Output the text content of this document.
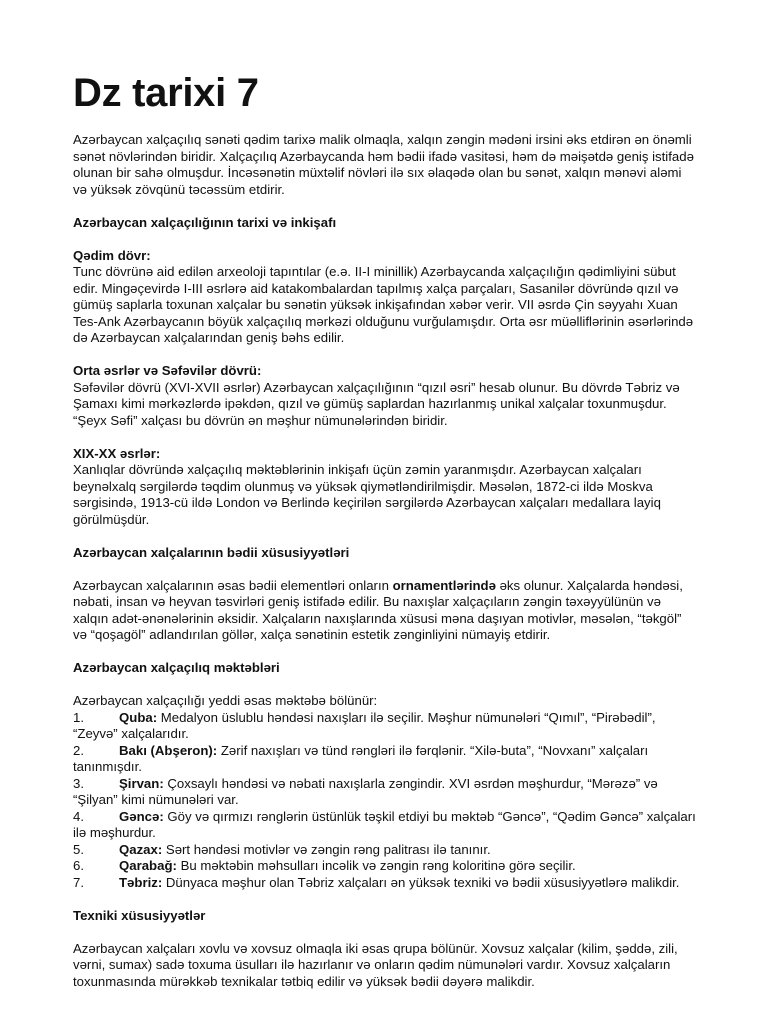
Dz tarixi 7

Azərbaycan xalçaçılıq sənəti qədim tarixə malik olmaqla, xalqın zəngin mədəni irsini əks etdirən ən önəmli sənət növlərindən biridir. Xalçaçılıq Azərbaycanda həm bədii ifadə vasitəsi, həm də məişətdə geniş istifadə olunan bir sahə olmuşdur. İncəsənətin müxtəlif növləri ilə sıx əlaqədə olan bu sənət, xalqın mənəvi aləmi və yüksək zövqünü təcəssüm etdirir.

Azərbaycan xalçaçılığının tarixi və inkişafı

Qədim dövr:

Tunc dövrünə aid edilən arxeoloji tapıntılar (e.ə. II-I minillik) Azərbaycanda xalçaçılığın qədimliyini sübut edir. Mingəçevirdə I-III əsrlərə aid katakombalardan tapılmış xalça parçaları, Sasanilər dövründə qızıl və gümüş saplarla toxunan xalçalar bu sənətin yüksək inkişafından xəbər verir. VII əsrdə Çin səyyahı Xuan Tes-Ank Azərbaycanın böyük xalçaçılıq mərkəzi olduğunu vurğulamışdır. Orta əsr müəlliflərinin əsərlərində də Azərbaycan xalçalarından geniş bəhs edilir.

Orta əsrlər və Səfəvilər dövrü:

Səfəvilər dövrü (XVI-XVII əsrlər) Azərbaycan xalçaçılığının “qızıl əsri” hesab olunur. Bu dövrdə Təbriz və Şamaxı kimi mərkəzlərdə ipəkdən, qızıl və gümüş saplardan hazırlanmış unikal xalçalar toxunmuşdur. “Şeyx Səfi” xalçası bu dövrün ən məşhur nümunələrindən biridir.

XIX-XX əsrlər:

Xanlıqlar dövründə xalçaçılıq məktəblərinin inkişafı üçün zəmin yaranmışdır. Azərbaycan xalçaları beynəlxalq sərgilərdə təqdim olunmuş və yüksək qiymətləndirilmişdir. Məsələn, 1872-ci ildə Moskva sərgisində, 1913-cü ildə London və Berlində keçirilən sərgilərdə Azərbaycan xalçaları medallara layiq görülmüşdür.

Azərbaycan xalçalarının bədii xüsusiyyətləri

Azərbaycan xalçalarının əsas bədii elementləri onların ornamentlərində əks olunur. Xalçalarda həndəsi, nəbati, insan və heyvan təsvirləri geniş istifadə edilir. Bu naxışlar xalçaçıların zəngin təxəyyülünün və xalqın adət-ənənələrinin əksidir. Xalçaların naxışlarında xüsusi məna daşıyan motivlər, məsələn, “təkgöl” və “qoşagöl” adlandırılan göllər, xalça sənətinin estetik zənginliyini nümayiş etdirir.

Azərbaycan xalçaçılıq məktəbləri

Azərbaycan xalçaçılığı yeddi əsas məktəbə bölünür:

1.	Quba: Medalyon üslublu həndəsi naxışları ilə seçilir. Məşhur nümunələri “Qımıl”, “Pirəbədil”, “Zeyvə” xalçalarıdır.
2.	Bakı (Abşeron): Zərif naxışları və tünd rəngləri ilə fərqlənir. “Xilə-buta”, “Novxanı” xalçaları tanınmışdır.
3.	Şirvan: Çoxsaylı həndəsi və nəbati naxışlarla zəngindir. XVI əsrdən məşhurdur, “Mərəzə” və “Şilyan” kimi nümunələri var.
4.	Gəncə: Göy və qırmızı rənglərin üstünlük təşkil etdiyi bu məktəb “Gəncə”, “Qədim Gəncə” xalçaları ilə məşhurdur.
5.	Qazax: Sərt həndəsi motivlər və zəngin rəng palitrası ilə tanınır.
6.	Qarabağ: Bu məktəbin məhsulları incəlik və zəngin rəng koloritinə görə seçilir.
7.	Təbriz: Dünyaca məşhur olan Təbriz xalçaları ən yüksək texniki və bədii xüsusiyyətlərə malikdir.

Texniki xüsusiyyətlər

Azərbaycan xalçaları xovlu və xovsuz olmaqla iki əsas qrupa bölünür. Xovsuz xalçalar (kilim, şəddə, zili, vərni, sumax) sadə toxuma üsulları ilə hazırlanır və onların qədim nümunələri vardır. Xovsuz xalçaların toxunmasında mürəkkəb texnikalar tətbiq edilir və yüksək bədii dəyərə malikdir.
